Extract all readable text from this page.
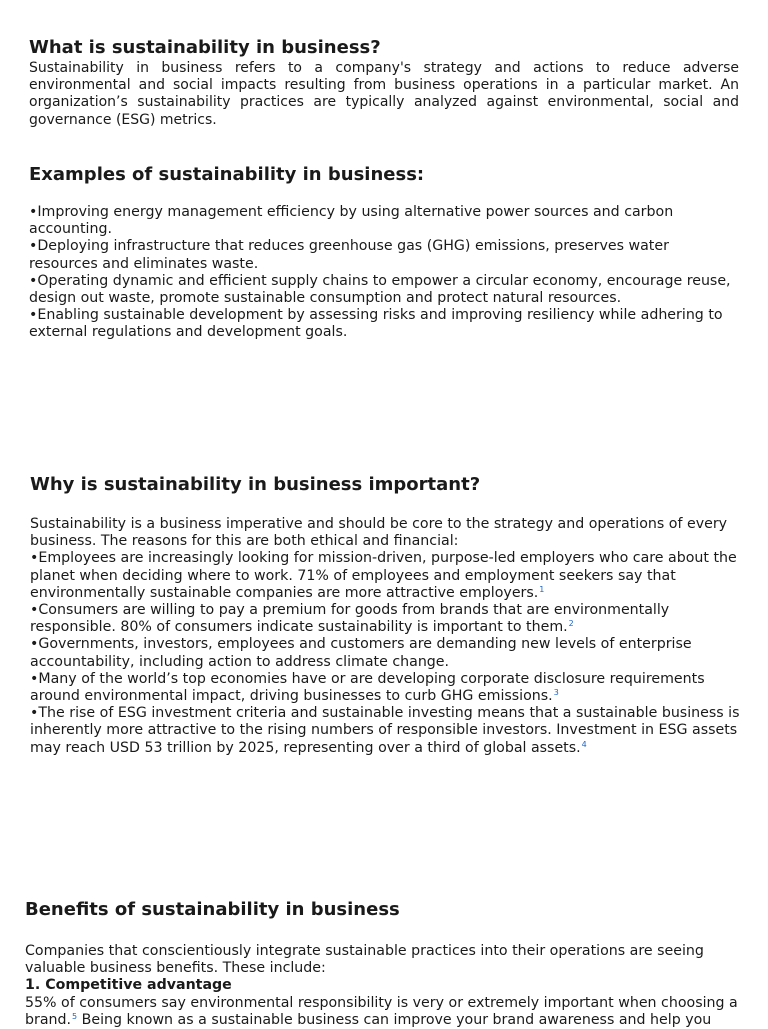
What is sustainability in business?

Sustainability in business refers to a company's strategy and actions to reduce adverse environmental and social impacts resulting from business operations in a particular market. An organization’s sustainability practices are typically analyzed against environmental, social and governance (ESG) metrics.

Examples of sustainability in business:

•Improving energy management efficiency by using alternative power sources and carbon accounting.

•Deploying infrastructure that reduces greenhouse gas (GHG) emissions, preserves water resources and eliminates waste.

•Operating dynamic and efficient supply chains to empower a circular economy, encourage reuse, design out waste, promote sustainable consumption and protect natural resources.

•Enabling sustainable development by assessing risks and improving resiliency while adhering to external regulations and development goals.

Why is sustainability in business important?

Sustainability is a business imperative and should be core to the strategy and operations of every business. The reasons for this are both ethical and financial:

•Employees are increasingly looking for mission-driven, purpose-led employers who care about the planet when deciding where to work. 71% of employees and employment seekers say that environmentally sustainable companies are more attractive employers.$^1$

•Consumers are willing to pay a premium for goods from brands that are environmentally responsible. 80% of consumers indicate sustainability is important to them.$^2$

•Governments, investors, employees and customers are demanding new levels of enterprise accountability, including action to address climate change.

•Many of the world’s top economies have or are developing corporate disclosure requirements around environmental impact, driving businesses to curb GHG emissions.$^3$

•The rise of ESG investment criteria and sustainable investing means that a sustainable business is inherently more attractive to the rising numbers of responsible investors. Investment in ESG assets may reach USD 53 trillion by 2025, representing over a third of global assets.$^4$

Benefits of sustainability in business

Companies that conscientiously integrate sustainable practices into their operations are seeing valuable business benefits. These include:

1. Competitive advantage

55% of consumers say environmental responsibility is very or extremely important when choosing a brand.$^5$ Being known as a sustainable business can improve your brand awareness and help you
